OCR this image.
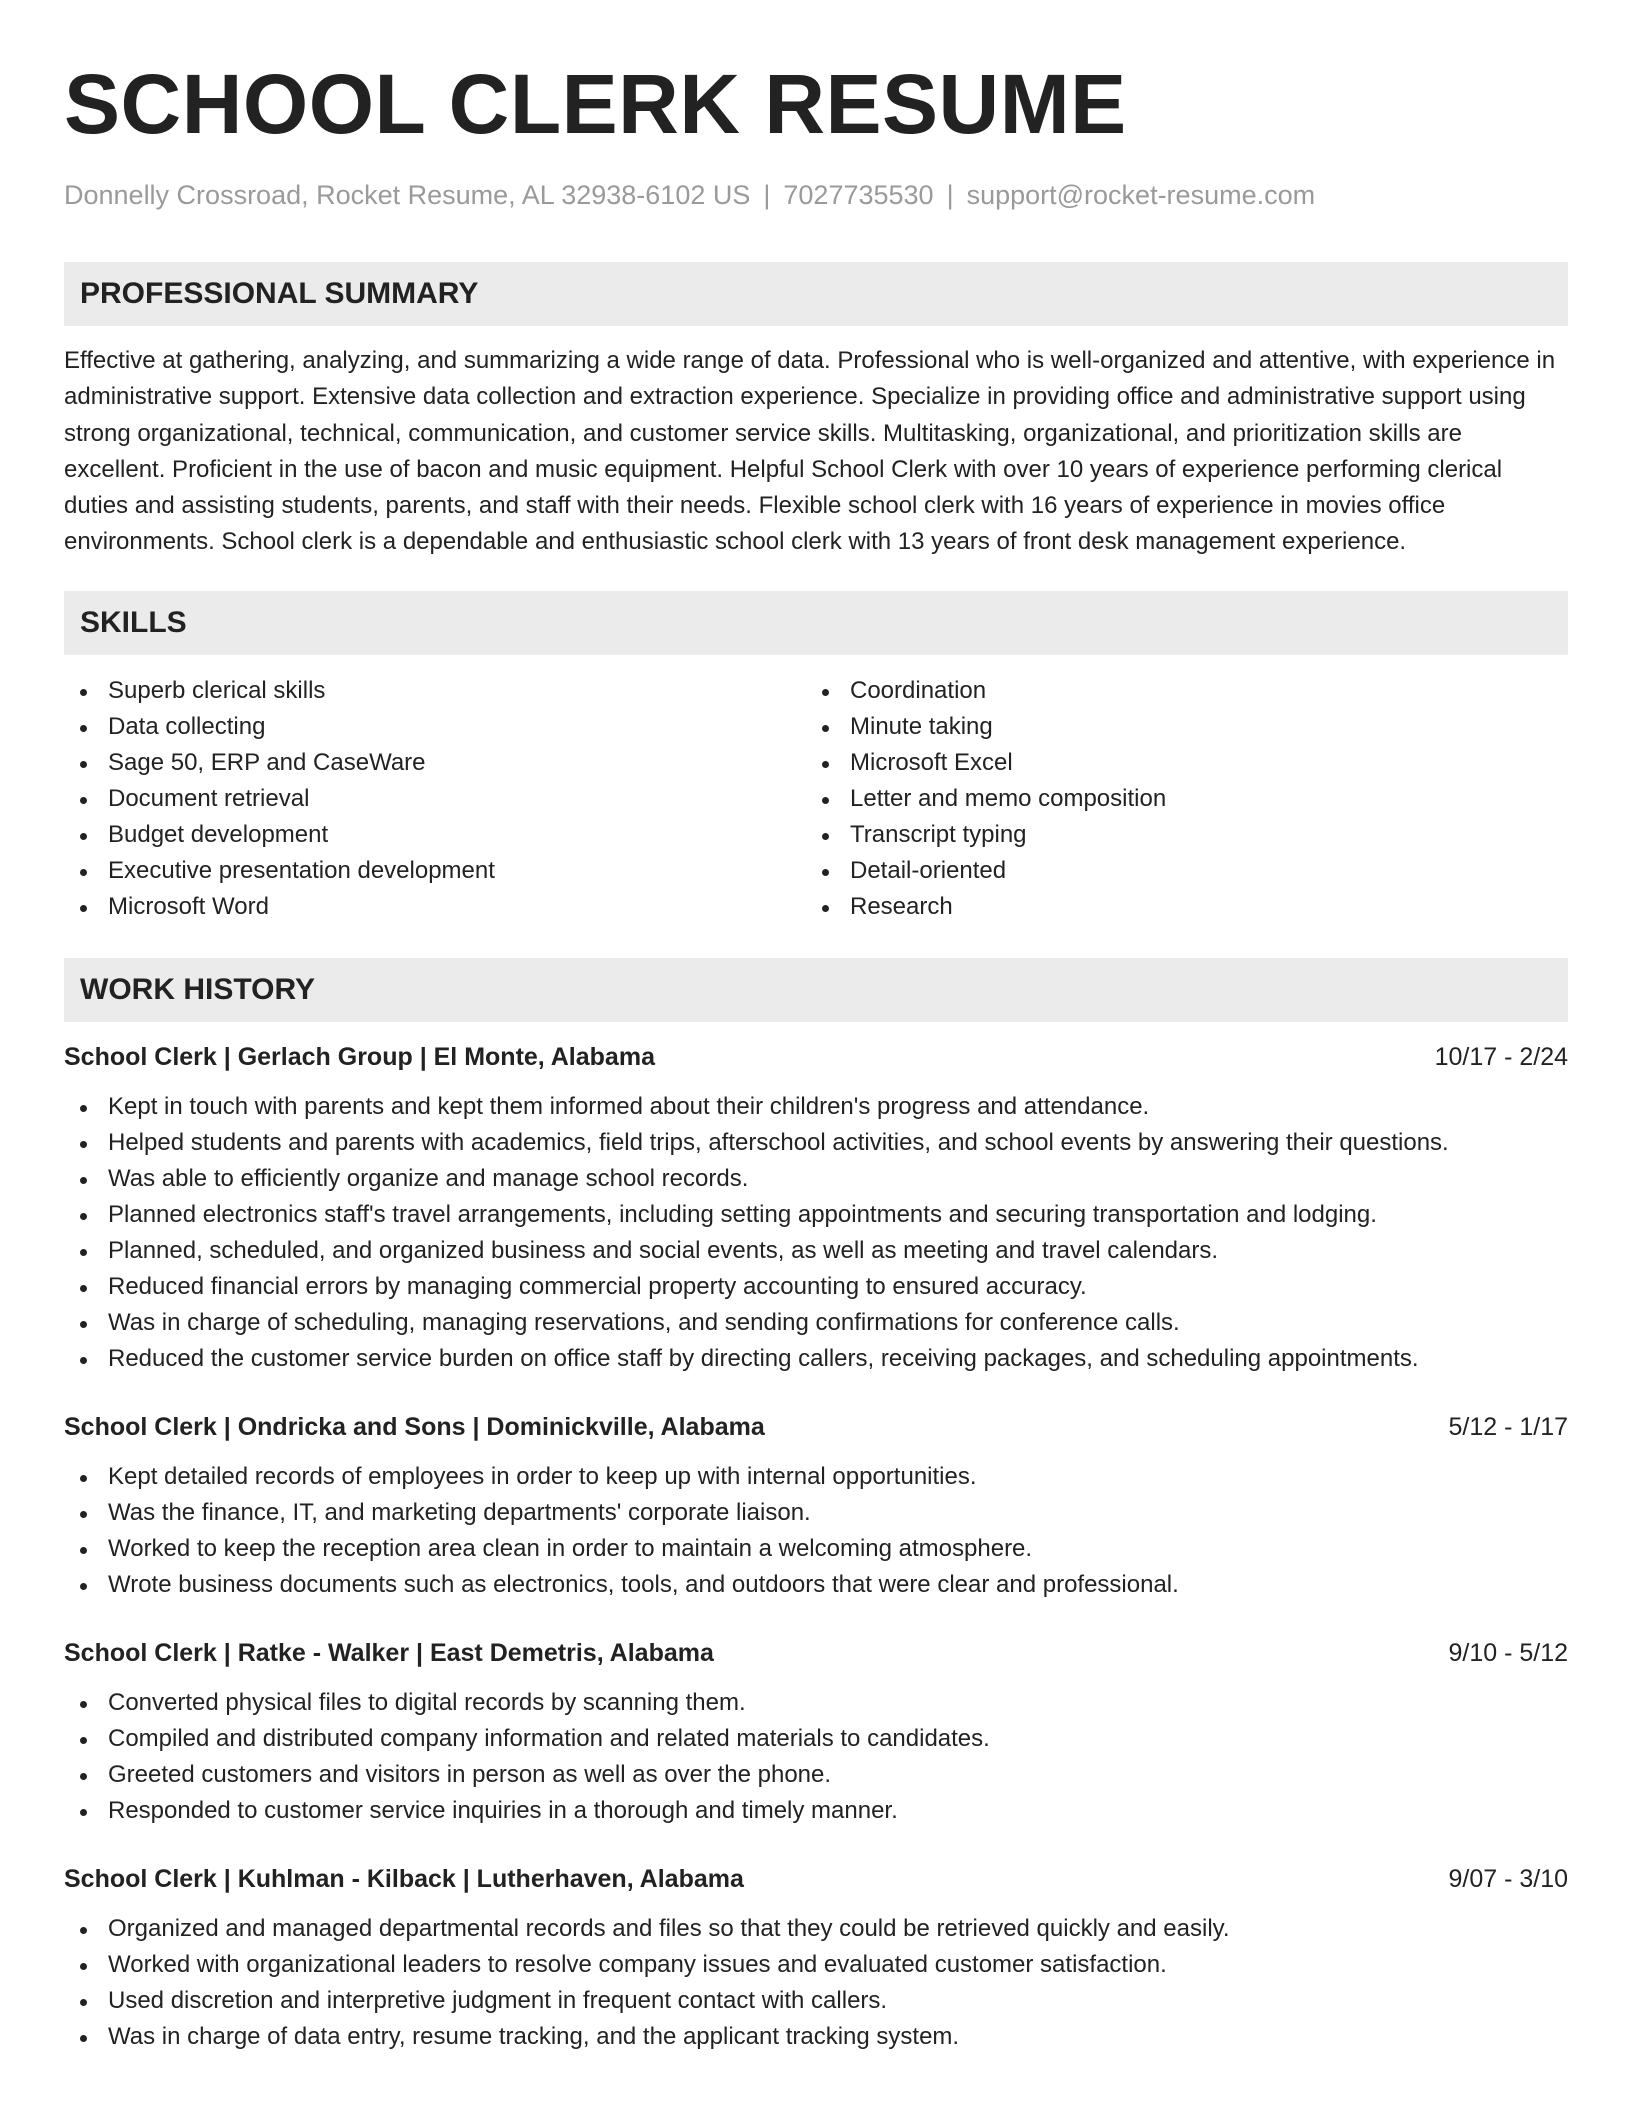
SCHOOL CLERK RESUME
Donnelly Crossroad, Rocket Resume, AL 32938-6102 US | 7027735530 | support@rocket-resume.com
PROFESSIONAL SUMMARY
Effective at gathering, analyzing, and summarizing a wide range of data. Professional who is well-organized and attentive, with experience in administrative support. Extensive data collection and extraction experience. Specialize in providing office and administrative support using strong organizational, technical, communication, and customer service skills. Multitasking, organizational, and prioritization skills are excellent. Proficient in the use of bacon and music equipment. Helpful School Clerk with over 10 years of experience performing clerical duties and assisting students, parents, and staff with their needs. Flexible school clerk with 16 years of experience in movies office environments. School clerk is a dependable and enthusiastic school clerk with 13 years of front desk management experience.
SKILLS
Superb clerical skills
Data collecting
Sage 50, ERP and CaseWare
Document retrieval
Budget development
Executive presentation development
Microsoft Word
Coordination
Minute taking
Microsoft Excel
Letter and memo composition
Transcript typing
Detail-oriented
Research
WORK HISTORY
School Clerk | Gerlach Group | El Monte, Alabama	10/17 - 2/24
Kept in touch with parents and kept them informed about their children's progress and attendance.
Helped students and parents with academics, field trips, afterschool activities, and school events by answering their questions.
Was able to efficiently organize and manage school records.
Planned electronics staff's travel arrangements, including setting appointments and securing transportation and lodging.
Planned, scheduled, and organized business and social events, as well as meeting and travel calendars.
Reduced financial errors by managing commercial property accounting to ensured accuracy.
Was in charge of scheduling, managing reservations, and sending confirmations for conference calls.
Reduced the customer service burden on office staff by directing callers, receiving packages, and scheduling appointments.
School Clerk | Ondricka and Sons | Dominickville, Alabama	5/12 - 1/17
Kept detailed records of employees in order to keep up with internal opportunities.
Was the finance, IT, and marketing departments' corporate liaison.
Worked to keep the reception area clean in order to maintain a welcoming atmosphere.
Wrote business documents such as electronics, tools, and outdoors that were clear and professional.
School Clerk | Ratke - Walker | East Demetris, Alabama	9/10 - 5/12
Converted physical files to digital records by scanning them.
Compiled and distributed company information and related materials to candidates.
Greeted customers and visitors in person as well as over the phone.
Responded to customer service inquiries in a thorough and timely manner.
School Clerk | Kuhlman - Kilback | Lutherhaven, Alabama	9/07 - 3/10
Organized and managed departmental records and files so that they could be retrieved quickly and easily.
Worked with organizational leaders to resolve company issues and evaluated customer satisfaction.
Used discretion and interpretive judgment in frequent contact with callers.
Was in charge of data entry, resume tracking, and the applicant tracking system.
